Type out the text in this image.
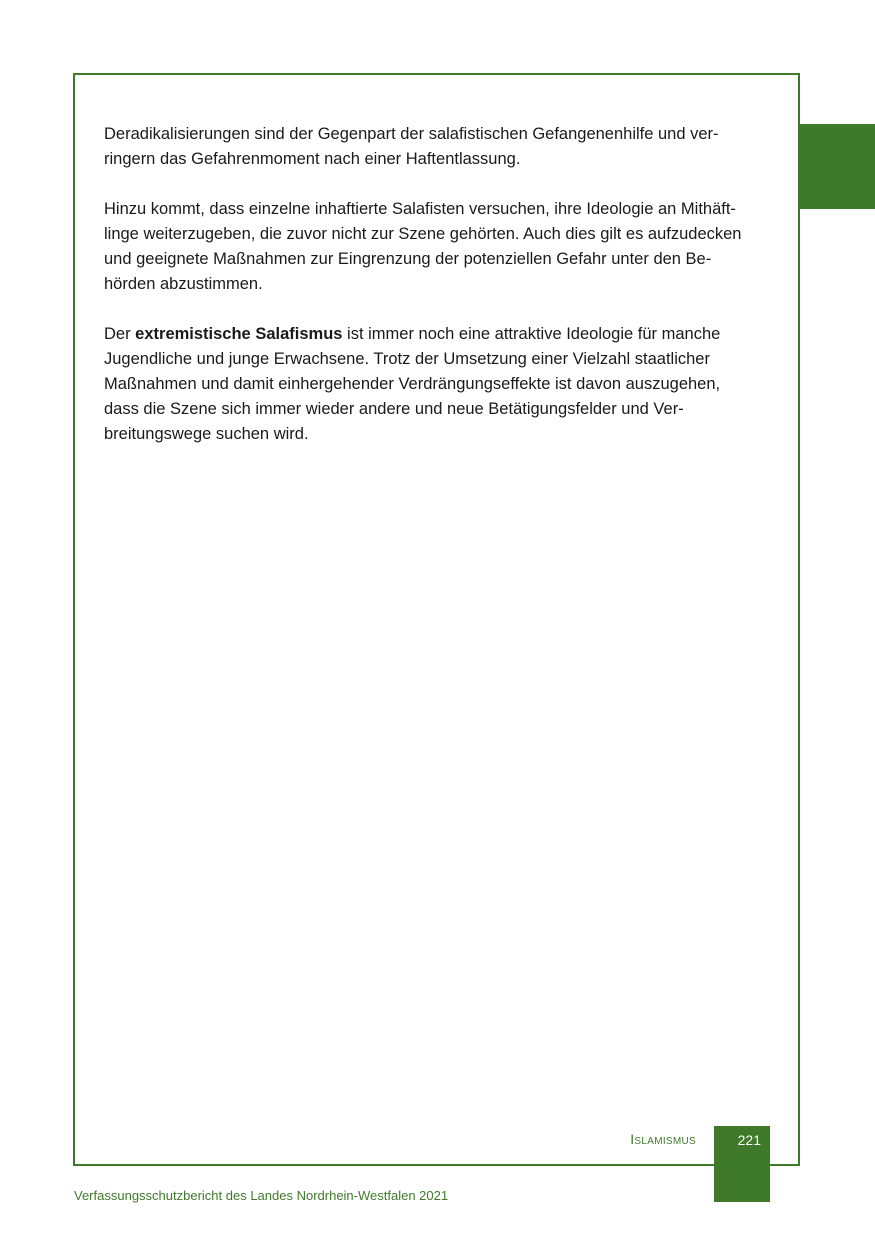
Deradikalisierungen sind der Gegenpart der salafistischen Gefangenenhilfe und ver-
ringern das Gefahrenmoment nach einer Haftentlassung.

Hinzu kommt, dass einzelne inhaftierte Salafisten versuchen, ihre Ideologie an Mithäft-
linge weiterzugeben, die zuvor nicht zur Szene gehörten. Auch dies gilt es aufzudecken
und geeignete Maßnahmen zur Eingrenzung der potenziellen Gefahr unter den Be-
hörden abzustimmen.

Der extremistische Salafismus ist immer noch eine attraktive Ideologie für manche
Jugendliche und junge Erwachsene. Trotz der Umsetzung einer Vielzahl staatlicher
Maßnahmen und damit einhergehender Verdrängungseffekte ist davon auszugehen,
dass die Szene sich immer wieder andere und neue Betätigungsfelder und Ver-
breitungswege suchen wird.

Islamismus	221
Verfassungsschutzbericht des Landes Nordrhein-Westfalen 2021
